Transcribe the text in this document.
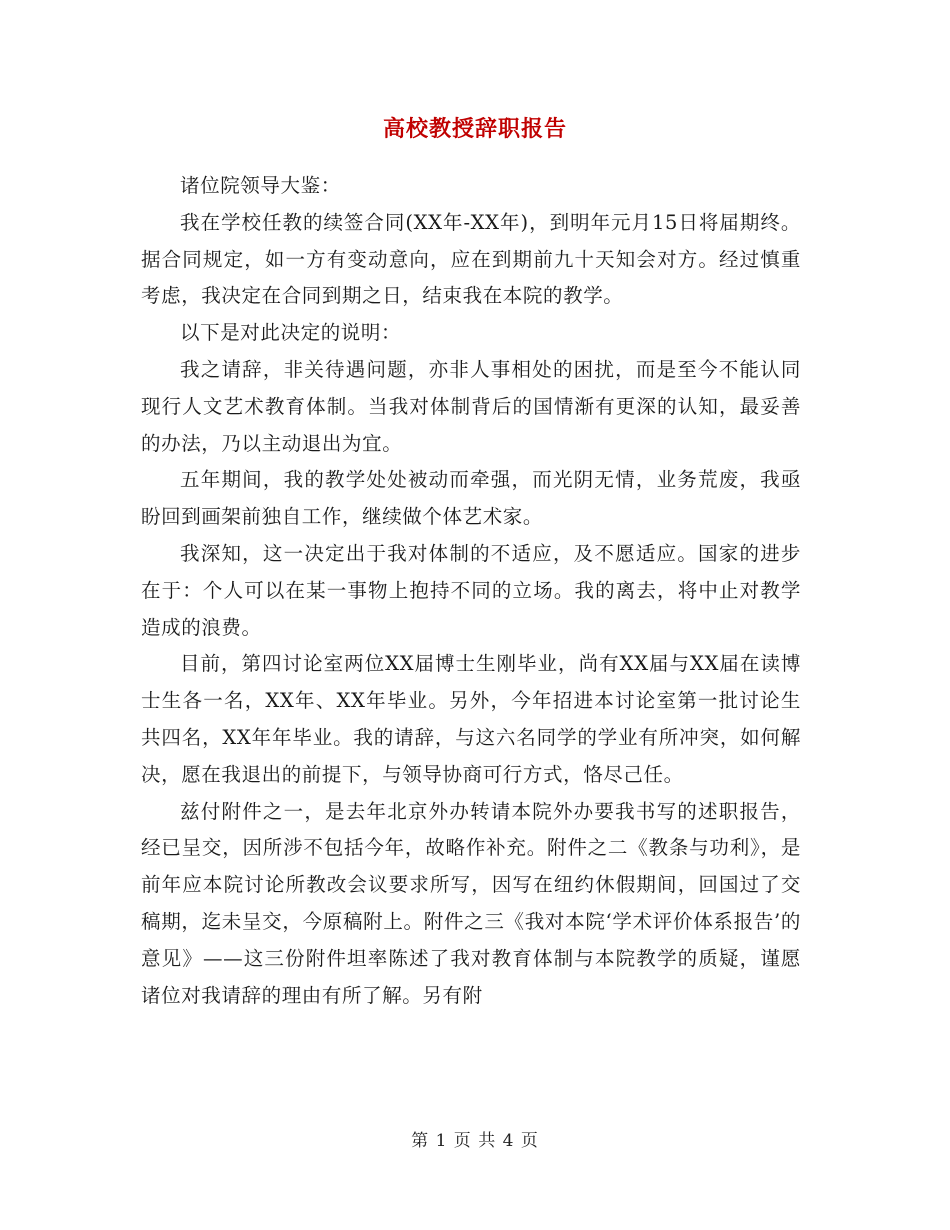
高校教授辞职报告

诸位院领导大鉴：

我在学校任教的续签合同(XX年-XX年)，到明年元月15日将届期终。据合同规定，如一方有变动意向，应在到期前九十天知会对方。经过慎重考虑，我决定在合同到期之日，结束我在本院的教学。

以下是对此决定的说明：

我之请辞，非关待遇问题，亦非人事相处的困扰，而是至今不能认同现行人文艺术教育体制。当我对体制背后的国情渐有更深的认知，最妥善的办法，乃以主动退出为宜。

五年期间，我的教学处处被动而牵强，而光阴无情，业务荒废，我亟盼回到画架前独自工作，继续做个体艺术家。

我深知，这一决定出于我对体制的不适应，及不愿适应。国家的进步在于：个人可以在某一事物上抱持不同的立场。我的离去，将中止对教学造成的浪费。

目前，第四讨论室两位XX届博士生刚毕业，尚有XX届与XX届在读博士生各一名，XX年、XX年毕业。另外，今年招进本讨论室第一批讨论生共四名，XX年年毕业。我的请辞，与这六名同学的学业有所冲突，如何解决，愿在我退出的前提下，与领导协商可行方式，恪尽己任。

兹付附件之一，是去年北京外办转请本院外办要我书写的述职报告，经已呈交，因所涉不包括今年，故略作补充。附件之二《教条与功利》，是前年应本院讨论所教改会议要求所写，因写在纽约休假期间，回国过了交稿期，迄未呈交，今原稿附上。附件之三《我对本院‘学术评价体系报告’的意见》——这三份附件坦率陈述了我对教育体制与本院教学的质疑，谨愿诸位对我请辞的理由有所了解。另有附

第 1 页 共 4 页
